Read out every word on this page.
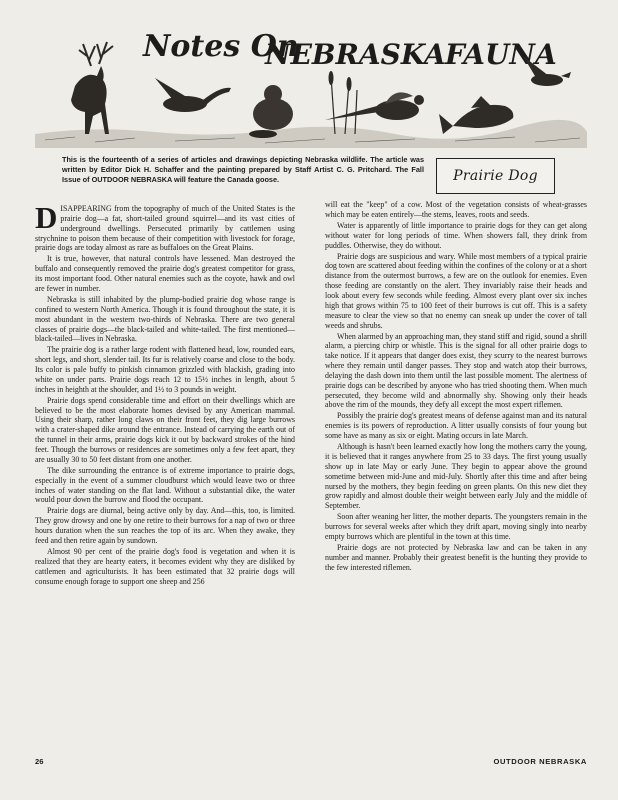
Notes On
NEBRASKA FAUNA
This is the fourteenth of a series of articles and drawings depicting Nebraska wildlife. The article was written by Editor Dick H. Schaffer and the painting prepared by Staff Artist C. G. Pritchard. The Fall Issue of OUTDOOR NEBRASKA will feature the Canada goose.	Prairie Dog

DISAPPEARING from the topography of much of the United States is the prairie dog—a fat, short-tailed ground squirrel—and its vast cities of underground dwellings. Persecuted primarily by cattlemen using strychnine to poison them because of their competition with livestock for forage, prairie dogs are today almost as rare as buffaloes on the Great Plains.

It is true, however, that natural controls have lessened. Man destroyed the buffalo and consequently removed the prairie dog's greatest competitor for grass, its most important food. Other natural enemies such as the coyote, hawk and owl are fewer in number.

Nebraska is still inhabited by the plump-bodied prairie dog whose range is confined to western North America. Though it is found throughout the state, it is most abundant in the western two-thirds of Nebraska. There are two general classes of prairie dogs—the black-tailed and white-tailed. The first mentioned—black-tailed—lives in Nebraska.

The prairie dog is a rather large rodent with flattened head, low, rounded ears, short legs, and short, slender tail. Its fur is relatively coarse and close to the body. Its color is pale buffy to pinkish cinnamon grizzled with blackish, grading into white on under parts. Prairie dogs reach 12 to 15½ inches in length, about 5 inches in heighth at the shoulder, and 1½ to 3 pounds in weight.

Prairie dogs spend considerable time and effort on their dwellings which are believed to be the most elaborate homes devised by any American mammal. Using their sharp, rather long claws on their front feet, they dig large burrows with a crater-shaped dike around the entrance. Instead of carrying the earth out of the tunnel in their arms, prairie dogs kick it out by backward strokes of the hind feet. Though the burrows or residences are sometimes only a few feet apart, they are usually 30 to 50 feet distant from one another.

The dike surrounding the entrance is of extreme importance to prairie dogs, especially in the event of a summer cloudburst which would leave two or three inches of water standing on the flat land. Without a substantial dike, the water would pour down the burrow and flood the occupant.

Prairie dogs are diurnal, being active only by day. And—this, too, is limited. They grow drowsy and one by one retire to their burrows for a nap of two or three hours duration when the sun reaches the top of its arc. When they awake, they feed and then retire again by sundown.

Almost 90 per cent of the prairie dog's food is vegetation and when it is realized that they are hearty eaters, it becomes evident why they are disliked by cattlemen and agriculturists. It has been estimated that 32 prairie dogs will consume enough forage to support one sheep and 256

will eat the "keep" of a cow. Most of the vegetation consists of wheat-grasses which may be eaten entirely—the stems, leaves, roots and seeds.

Water is apparently of little importance to prairie dogs for they can get along without water for long periods of time. When showers fall, they drink from puddles. Otherwise, they do without.

Prairie dogs are suspicious and wary. While most members of a typical prairie dog town are scattered about feeding within the confines of the colony or at a short distance from the outermost burrows, a few are on the outlook for enemies. Even those feeding are constantly on the alert. They invariably raise their heads and look about every few seconds while feeding. Almost every plant over six inches high that grows within 75 to 100 feet of their burrows is cut off. This is a safety measure to clear the view so that no enemy can sneak up under the cover of tall weeds and shrubs.

When alarmed by an approaching man, they stand stiff and rigid, sound a shrill alarm, a piercing chirp or whistle. This is the signal for all other prairie dogs to take notice. If it appears that danger does exist, they scurry to the nearest burrows where they remain until danger passes. They stop and watch atop their burrows, delaying the dash down into them until the last possible moment. The alertness of prairie dogs can be described by anyone who has tried shooting them. When much persecuted, they become wild and abnormally shy. Showing only their heads above the rim of the mounds, they defy all except the most expert riflemen.

Possibly the prairie dog's greatest means of defense against man and its natural enemies is its powers of reproduction. A litter usually consists of four young but some have as many as six or eight. Mating occurs in late March.

Although is hasn't been learned exactly how long the mothers carry the young, it is believed that it ranges anywhere from 25 to 33 days. The first young usually show up in late May or early June. They begin to appear above the ground sometime between mid-June and mid-July. Shortly after this time and after being nursed by the mothers, they begin feeding on green plants. On this new diet they grow rapidly and almost double their weight between early July and the middle of September.

Soon after weaning her litter, the mother departs. The youngsters remain in the burrows for several weeks after which they drift apart, moving singly into nearby empty burrows which are plentiful in the town at this time.

Prairie dogs are not protected by Nebraska law and can be taken in any number and manner. Probably their greatest benefit is the hunting they provide to the few interested riflemen.

26	OUTDOOR NEBRASKA
